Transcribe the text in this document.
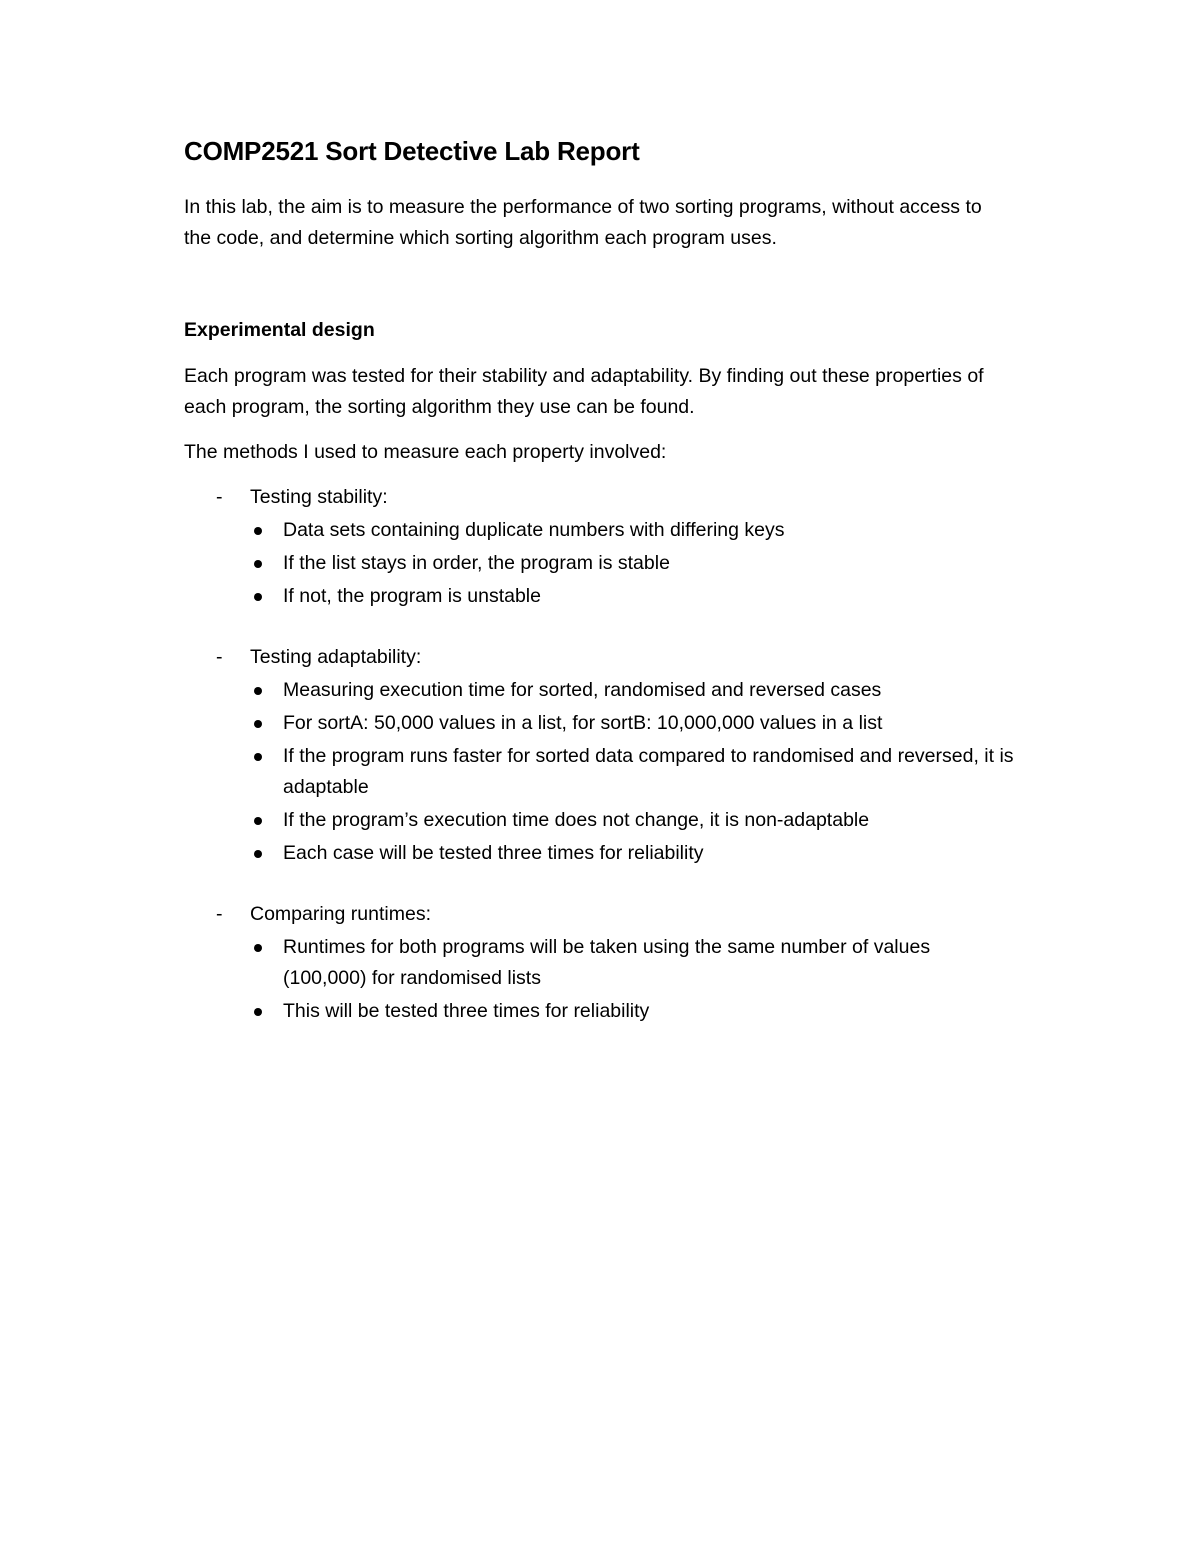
COMP2521 Sort Detective Lab Report

In this lab, the aim is to measure the performance of two sorting programs, without access to the code, and determine which sorting algorithm each program uses.

Experimental design

Each program was tested for their stability and adaptability. By finding out these properties of each program, the sorting algorithm they use can be found.

The methods I used to measure each property involved:

- Testing stability:
Data sets containing duplicate numbers with differing keys
If the list stays in order, the program is stable
If not, the program is unstable
- Testing adaptability:
Measuring execution time for sorted, randomised and reversed cases
For sortA: 50,000 values in a list, for sortB: 10,000,000 values in a list
If the program runs faster for sorted data compared to randomised and reversed, it is adaptable
If the program’s execution time does not change, it is non-adaptable
Each case will be tested three times for reliability
- Comparing runtimes:
Runtimes for both programs will be taken using the same number of values (100,000) for randomised lists
This will be tested three times for reliability
